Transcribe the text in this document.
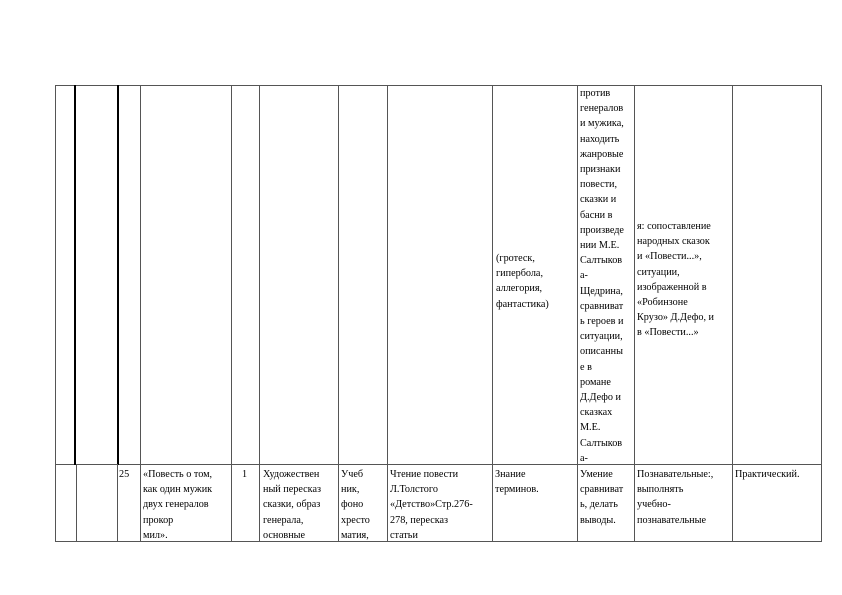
(гротеск,
гипербола,
аллегория,
фантастика)
против
генералов
и мужика,
находить
жанровые
признаки
повести,
сказки и
басни в
произведе
нии М.Е.
Салтыков
а-
Щедрина,
сравниват
ь героев и
ситуации,
описанны
е в
романе
Д.Дефо и
сказках
М.Е.
Салтыков
а-

я: сопоставление
народных сказок
и «Повести...»,
ситуации,
изображенной в
«Робинзоне
Крузо» Д.Дефо, и
в «Повести...»
25	1
«Повесть о том,
как один мужик
двух генералов
прокор
мил».
Художествен
ный пересказ
сказки, образ
генерала,
основные
Учеб
ник,
фоно
хресто
матия,
Чтение повести
Л.Толстого
«Детство»Стр.276-
278, пересказ
статьи
Знание
терминов.
Умение
сравниват
ь, делать
выводы.
Познавательные:,
выполнять
учебно-
познавательные
Практический.
